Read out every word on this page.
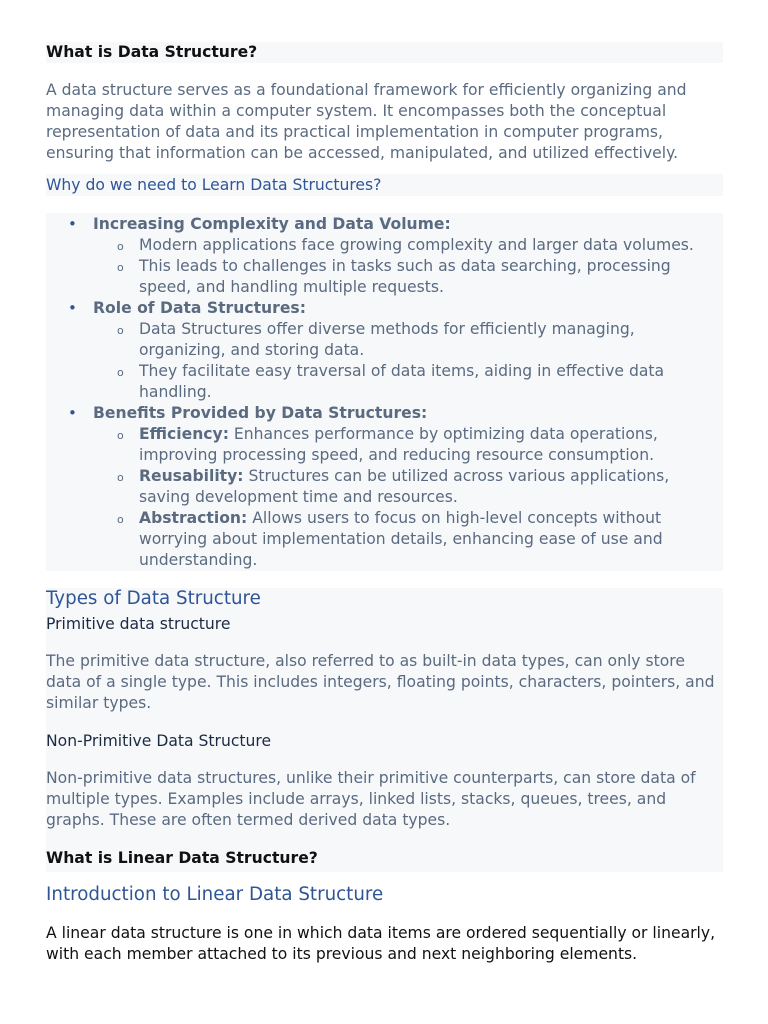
What is Data Structure?

A data structure serves as a foundational framework for efficiently organizing and managing data within a computer system. It encompasses both the conceptual representation of data and its practical implementation in computer programs, ensuring that information can be accessed, manipulated, and utilized effectively.

Why do we need to Learn Data Structures?
• Increasing Complexity and Data Volume:
o Modern applications face growing complexity and larger data volumes.
o This leads to challenges in tasks such as data searching, processing speed, and handling multiple requests.
• Role of Data Structures:
o Data Structures offer diverse methods for efficiently managing, organizing, and storing data.
o They facilitate easy traversal of data items, aiding in effective data handling.
• Benefits Provided by Data Structures:
o Efficiency: Enhances performance by optimizing data operations, improving processing speed, and reducing resource consumption.
o Reusability: Structures can be utilized across various applications, saving development time and resources.
o Abstraction: Allows users to focus on high-level concepts without worrying about implementation details, enhancing ease of use and understanding.
Types of Data Structure
Primitive data structure

The primitive data structure, also referred to as built-in data types, can only store data of a single type. This includes integers, floating points, characters, pointers, and similar types.

Non-Primitive Data Structure

Non-primitive data structures, unlike their primitive counterparts, can store data of multiple types. Examples include arrays, linked lists, stacks, queues, trees, and graphs. These are often termed derived data types.

What is Linear Data Structure?
Introduction to Linear Data Structure

A linear data structure is one in which data items are ordered sequentially or linearly, with each member attached to its previous and next neighboring elements.
